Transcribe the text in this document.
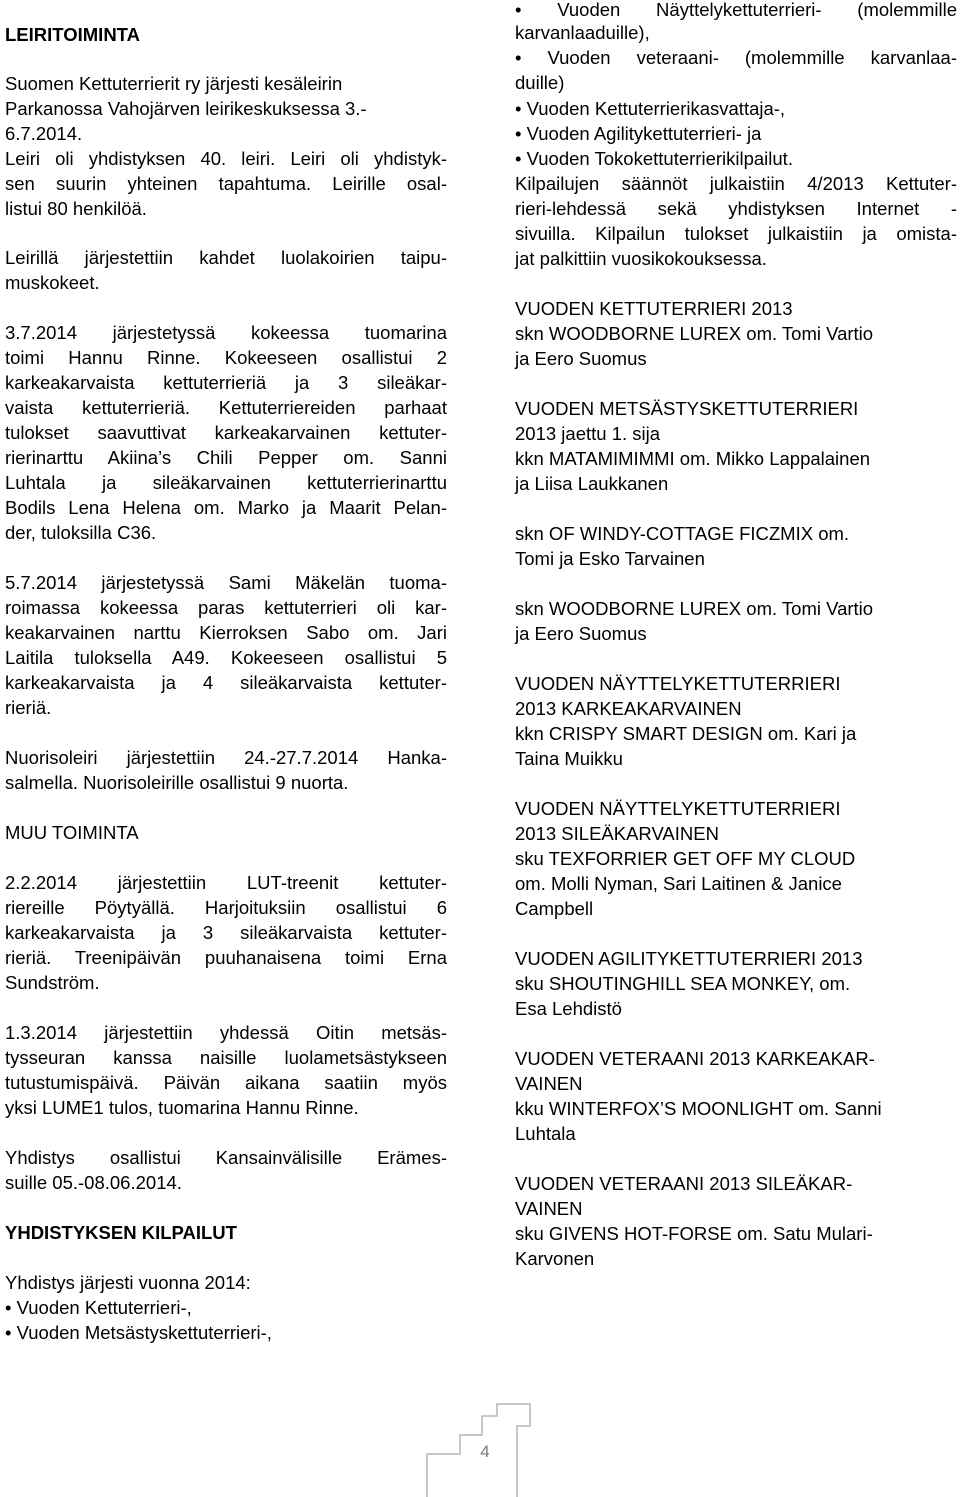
LEIRITOIMINTA
Suomen Kettuterrierit ry järjesti kesäleirin
Parkanossa Vahojärven leirikeskuksessa 3.-
6.7.2014.
Leiri oli yhdistyksen 40. leiri. Leiri oli yhdistyk-
sen suurin yhteinen tapahtuma. Leirille osal-
listui 80 henkilöä.
Leirillä järjestettiin kahdet luolakoirien taipu-
muskokeet.
3.7.2014 järjestetyssä kokeessa tuomarina
toimi Hannu Rinne. Kokeeseen osallistui 2
karkeakarvaista kettuterrieriä ja 3 sileäkar-
vaista kettuterrieriä. Kettuterriereiden parhaat
tulokset saavuttivat karkeakarvainen kettuter-
rierinarttu Akiina’s Chili Pepper om. Sanni
Luhtala ja sileäkarvainen kettuterrierinarttu
Bodils Lena Helena om. Marko ja Maarit Pelan-
der, tuloksilla C36.
5.7.2014 järjestetyssä Sami Mäkelän tuoma-
roimassa kokeessa paras kettuterrieri oli kar-
keakarvainen narttu Kierroksen Sabo om. Jari
Laitila tuloksella A49. Kokeeseen osallistui 5
karkeakarvaista ja 4 sileäkarvaista kettuter-
rieriä.
Nuorisoleiri järjestettiin 24.-27.7.2014 Hanka-
salmella. Nuorisoleirille osallistui 9 nuorta.
MUU TOIMINTA
2.2.2014 järjestettiin LUT-treenit kettuter-
riereille Pöytyällä. Harjoituksiin osallistui 6
karkeakarvaista ja 3 sileäkarvaista kettuter-
rieriä. Treenipäivän puuhanaisena toimi Erna
Sundström.
1.3.2014 järjestettiin yhdessä Oitin metsäs-
tysseuran kanssa naisille luolametsästykseen
tutustumispäivä. Päivän aikana saatiin myös
yksi LUME1 tulos, tuomarina Hannu Rinne.
Yhdistys osallistui Kansainvälisille Erämes-
suille 05.-08.06.2014.
YHDISTYKSEN KILPAILUT
Yhdistys järjesti vuonna 2014:
• Vuoden Kettuterrieri-,
• Vuoden Metsästyskettuterrieri-,
• Vuoden Näyttelykettuterrieri- (molemmille
karvanlaaduille),
• Vuoden veteraani- (molemmille karvanlaa-
duille)
• Vuoden Kettuterrierikasvattaja-,
• Vuoden Agilitykettuterrieri- ja
• Vuoden Tokokettuterrierikilpailut.
Kilpailujen säännöt julkaistiin 4/2013 Kettuter-
rieri-lehdessä sekä yhdistyksen Internet -
sivuilla. Kilpailun tulokset julkaistiin ja omista-
jat palkittiin vuosikokouksessa.
VUODEN KETTUTERRIERI 2013
skn WOODBORNE LUREX om. Tomi Vartio
ja Eero Suomus
VUODEN METSÄSTYSKETTUTERRIERI
2013 jaettu 1. sija
kkn MATAMIMIMMI om. Mikko Lappalainen
ja Liisa Laukkanen
skn OF WINDY-COTTAGE FICZMIX om.
Tomi ja Esko Tarvainen
skn WOODBORNE LUREX om. Tomi Vartio
ja Eero Suomus
VUODEN NÄYTTELYKETTUTERRIERI
2013 KARKEAKARVAINEN
kkn CRISPY SMART DESIGN om. Kari ja
Taina Muikku
VUODEN NÄYTTELYKETTUTERRIERI
2013 SILEÄKARVAINEN
sku TEXFORRIER GET OFF MY CLOUD
om. Molli Nyman, Sari Laitinen & Janice
Campbell
VUODEN AGILITYKETTUTERRIERI 2013
sku SHOUTINGHILL SEA MONKEY, om.
Esa Lehdistö
VUODEN VETERAANI 2013 KARKEAKAR-
VAINEN
kku WINTERFOX’S MOONLIGHT om. Sanni
Luhtala
VUODEN VETERAANI 2013 SILEÄKAR-
VAINEN
sku GIVENS HOT-FORSE om. Satu Mulari-
Karvonen
4
